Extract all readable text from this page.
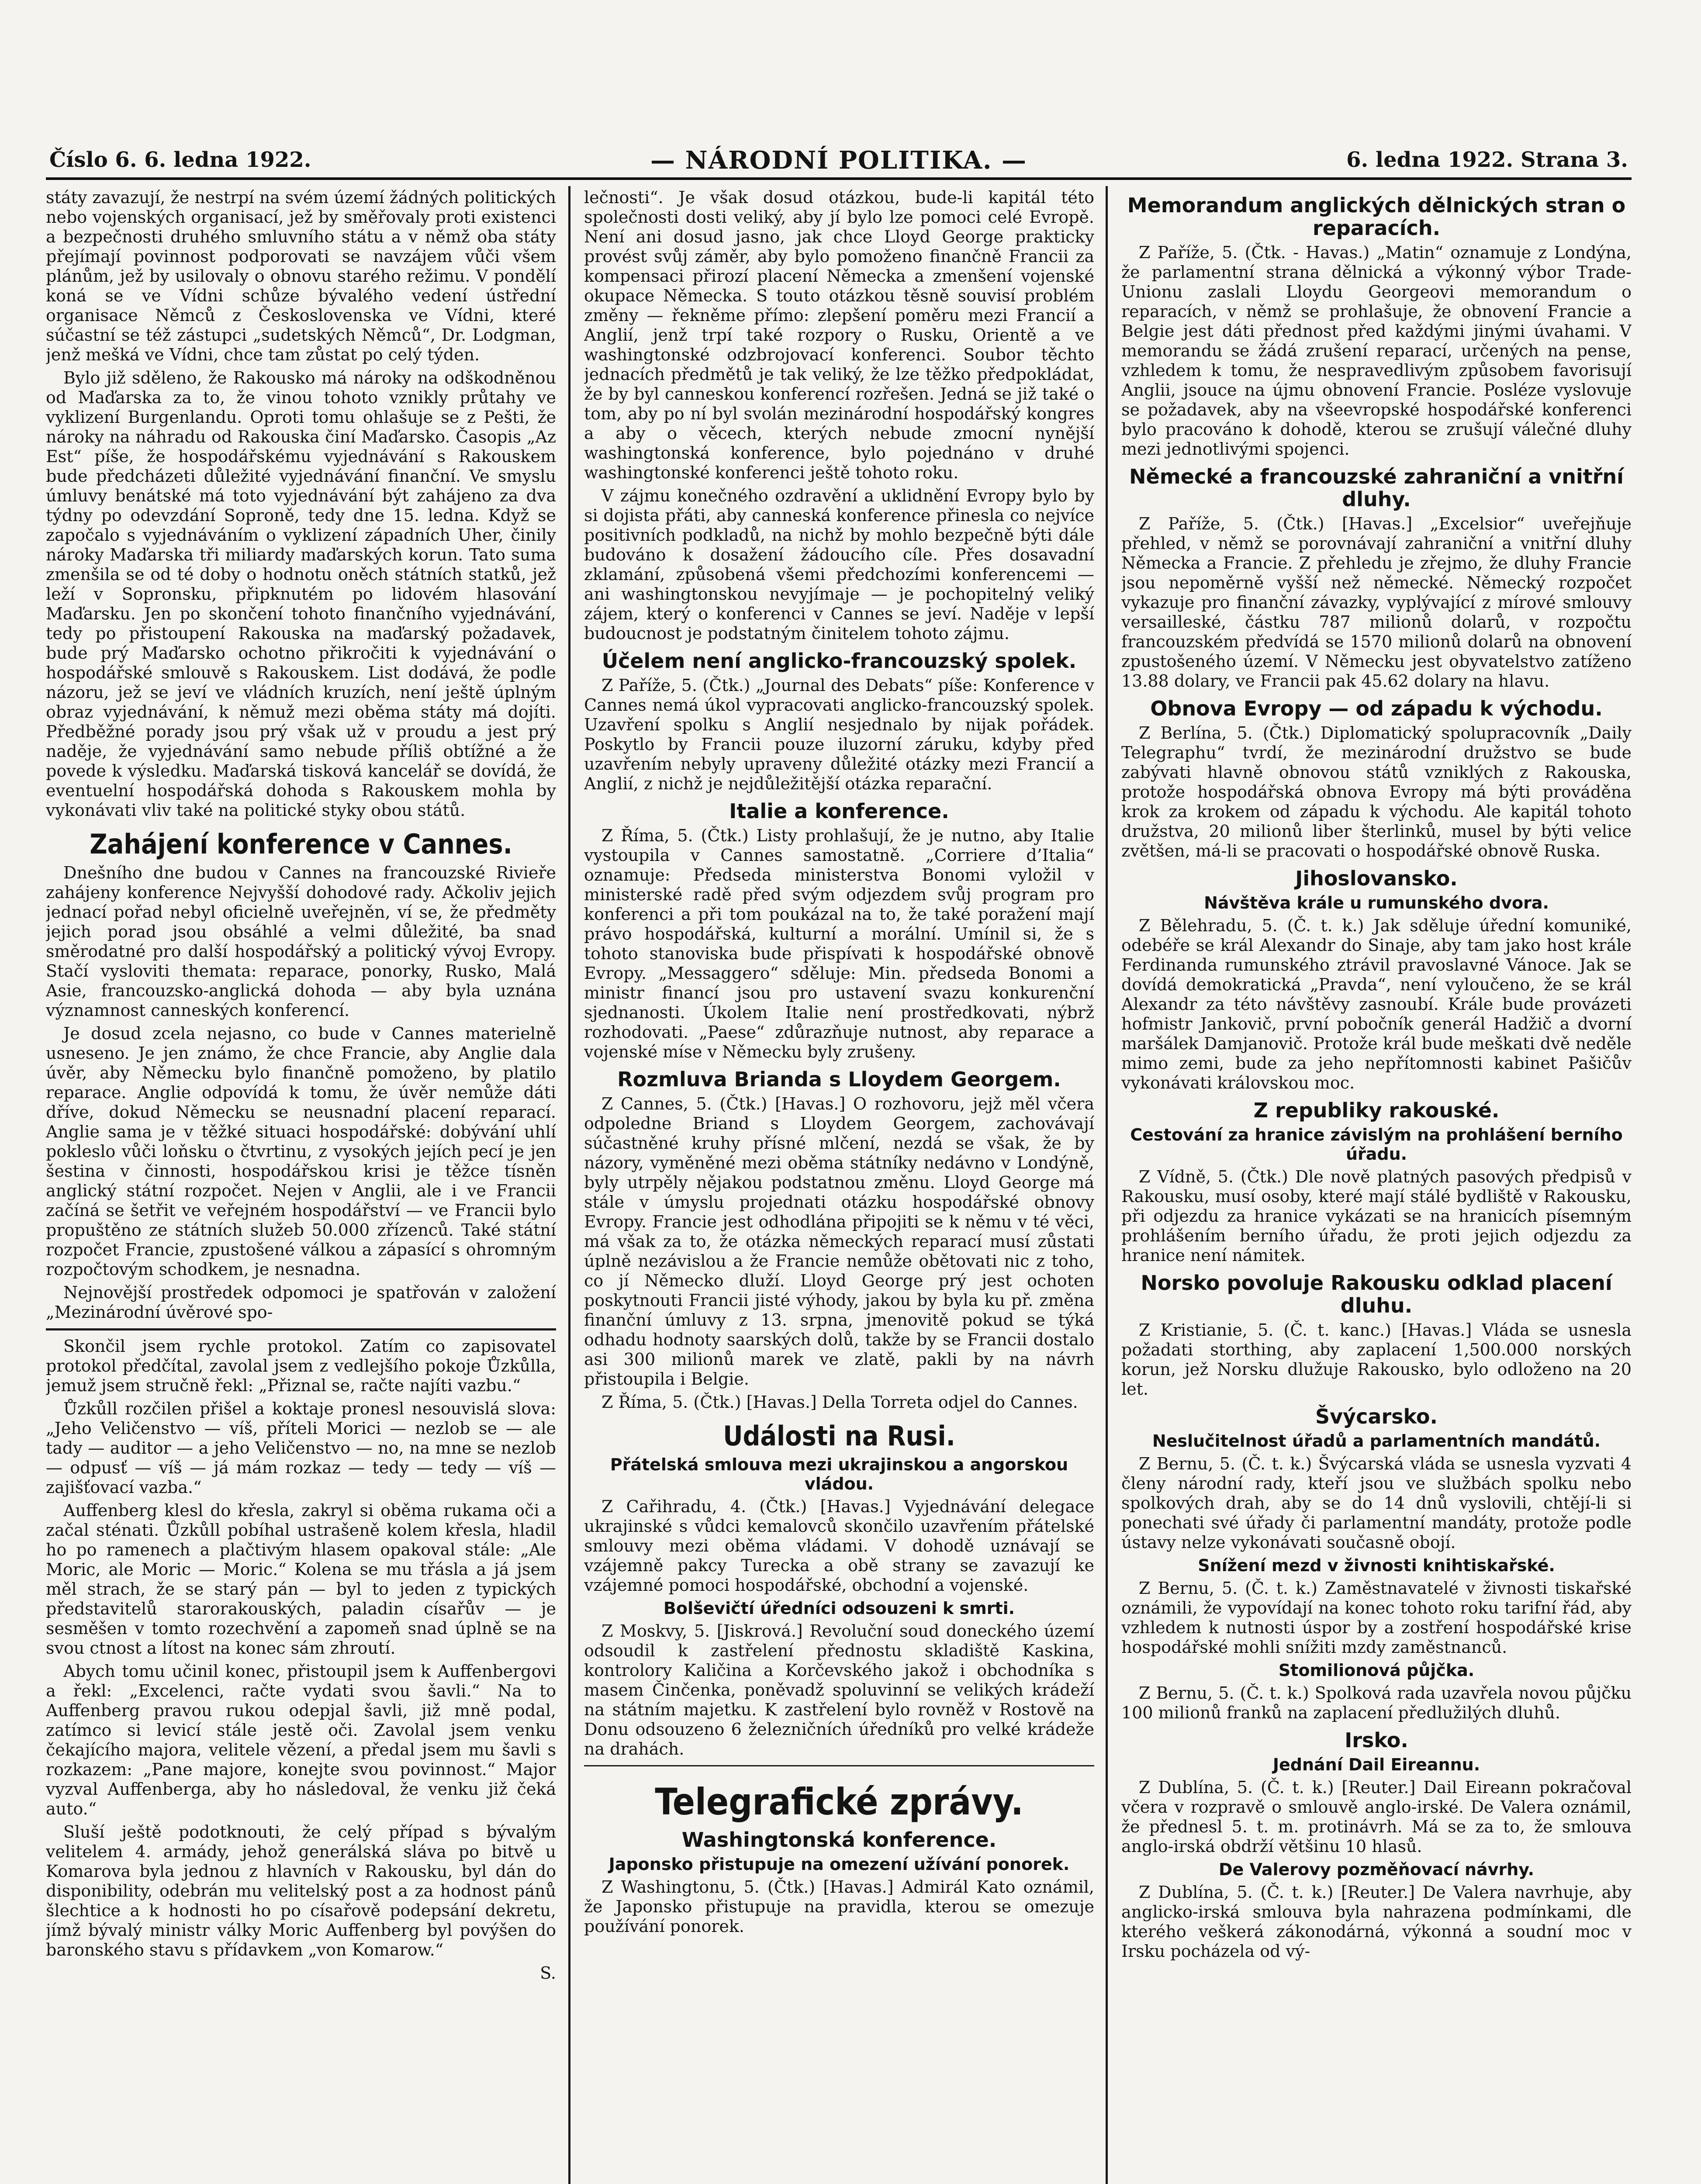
Číslo 6. 6. ledna 1922.	— NÁRODNÍ POLITIKA. —	6. ledna 1922. Strana 3.

státy zavazují, že nestrpí na svém území žádných politických nebo vojenských organisací, jež by směřovaly proti existenci a bezpečnosti druhého smluvního státu a v němž oba státy přejímají povinnost podporovati se navzájem vůči všem plánům, jež by usilovaly o obnovu starého režimu. V pondělí koná se ve Vídni schůze bývalého vedení ústřední organisace Němců z Československa ve Vídni, které súčastní se též zástupci „sudetských Němců“, Dr. Lodgman, jenž mešká ve Vídni, chce tam zůstat po celý týden.

Bylo již sděleno, že Rakousko má nároky na odškodněnou od Maďarska za to, že vinou tohoto vznikly průtahy ve vyklizení Burgenlandu. Oproti tomu ohlašuje se z Pešti, že nároky na náhradu od Rakouska činí Maďarsko. Časopis „Az Est“ píše, že hospodářskému vyjednávání s Rakouskem bude předcházeti důležité vyjednávání finanční. Ve smyslu úmluvy benátské má toto vyjednávání být zahájeno za dva týdny po odevzdání Soproně, tedy dne 15. ledna. Když se započalo s vyjednáváním o vyklizení západních Uher, činily nároky Maďarska tři miliardy maďarských korun. Tato suma zmenšila se od té doby o hodnotu oněch státních statků, jež leží v Sopronsku, připknutém po lidovém hlasování Maďarsku. Jen po skončení tohoto finančního vyjednávání, tedy po přistoupení Rakouska na maďarský požadavek, bude prý Maďarsko ochotno přikročiti k vyjednávání o hospodářské smlouvě s Rakouskem. List dodává, že podle názoru, jež se jeví ve vládních kruzích, není ještě úplným obraz vyjednávání, k němuž mezi oběma státy má dojíti. Předběžné porady jsou prý však už v proudu a jest prý naděje, že vyjednávání samo nebude příliš obtížné a že povede k výsledku. Maďarská tisková kancelář se dovídá, že eventuelní hospodářská dohoda s Rakouskem mohla by vykonávati vliv také na politické styky obou států.

Zahájení konference v Cannes.

Dnešního dne budou v Cannes na francouzské Rivieře zahájeny konference Nejvyšší dohodové rady. Ačkoliv jejich jednací pořad nebyl oficielně uveřejněn, ví se, že předměty jejich porad jsou obsáhlé a velmi důležité, ba snad směrodatné pro další hospodářský a politický vývoj Evropy. Stačí vysloviti themata: reparace, ponorky, Rusko, Malá Asie, francouzsko-anglická dohoda — aby byla uznána významnost canneských konferencí.

Je dosud zcela nejasno, co bude v Cannes materielně usneseno. Je jen známo, že chce Francie, aby Anglie dala úvěr, aby Německu bylo finančně pomoženo, by platilo reparace. Anglie odpovídá k tomu, že úvěr nemůže dáti dříve, dokud Německu se neusnadní placení reparací. Anglie sama je v těžké situaci hospodářské: dobývání uhlí pokleslo vůči loňsku o čtvrtinu, z vysokých jejích pecí je jen šestina v činnosti, hospodářskou krisi je těžce tísněn anglický státní rozpočet. Nejen v Anglii, ale i ve Francii začíná se šetřit ve veřejném hospodářství — ve Francii bylo propuštěno ze státních služeb 50.000 zřízenců. Také státní rozpočet Francie, zpustošené válkou a zápasící s ohromným rozpočtovým schodkem, je nesnadna.

Nejnovější prostředek odpomoci je spatřován v založení „Mezinárodní úvěrové spo-

Skončil jsem rychle protokol. Zatím co zapisovatel protokol předčítal, zavolal jsem z vedlejšího pokoje Ůzkůlla, jemuž jsem stručně řekl: „Přiznal se, račte najíti vazbu.“

Ůzkůll rozčilen přišel a koktaje pronesl nesouvislá slova: „Jeho Veličenstvo — víš, příteli Morici — nezlob se — ale tady — auditor — a jeho Veličenstvo — no, na mne se nezlob — odpusť — víš — já mám rozkaz — tedy — tedy — víš — zajišťovací vazba.“

Auffenberg klesl do křesla, zakryl si oběma rukama oči a začal sténati. Ůzkůll pobíhal ustrašeně kolem křesla, hladil ho po ramenech a plačtivým hlasem opakoval stále: „Ale Moric, ale Moric — Moric.“ Kolena se mu třásla a já jsem měl strach, že se starý pán — byl to jeden z typických představitelů starorakouských, paladin císařův — je sesměšen v tomto rozechvění a zapomeň snad úplně se na svou ctnost a lítost na konec sám zhroutí.

Abych tomu učinil konec, přistoupil jsem k Auffenbergovi a řekl: „Excelenci, račte vydati svou šavli.“ Na to Auffenberg pravou rukou odepjal šavli, již mně podal, zatímco si levicí stále jestě oči. Zavolal jsem venku čekajícího majora, velitele vězení, a předal jsem mu šavli s rozkazem: „Pane majore, konejte svou povinnost.“ Major vyzval Auffenberga, aby ho následoval, že venku již čeká auto.“

Sluší ještě podotknouti, že celý případ s bývalým velitelem 4. armády, jehož generálská sláva po bitvě u Komarova byla jednou z hlavních v Rakousku, byl dán do disponibility, odebrán mu velitelský post a za hodnost pánů šlechtice a k hodnosti ho po císařově podepsání dekretu, jímž bývalý ministr války Moric Auffenberg byl povýšen do baronského stavu s přídavkem „von Komarow.“

S.

lečnosti“. Je však dosud otázkou, bude-li kapitál této společnosti dosti veliký, aby jí bylo lze pomoci celé Evropě. Není ani dosud jasno, jak chce Lloyd George prakticky provést svůj záměr, aby bylo pomoženo finančně Francii za kompensaci přirozí placení Německa a zmenšení vojenské okupace Německa. S touto otázkou těsně souvisí problém změny — řekněme přímo: zlepšení poměru mezi Francií a Anglií, jenž trpí také rozpory o Rusku, Orientě a ve washingtonské odzbrojovací konferenci. Soubor těchto jednacích předmětů je tak veliký, že lze těžko předpokládat, že by byl canneskou konferencí rozřešen. Jedná se již také o tom, aby po ní byl svolán mezinárodní hospodářský kongres a aby o věcech, kterých nebude zmocní nynější washingtonská konference, bylo pojednáno v druhé washingtonské konferenci ještě tohoto roku.

V zájmu konečného ozdravění a uklidnění Evropy bylo by si dojista přáti, aby canneská konference přinesla co nejvíce positivních podkladů, na nichž by mohlo bezpečně býti dále budováno k dosažení žádoucího cíle. Přes dosavadní zklamání, způsobená všemi předchozími konferencemi — ani washingtonskou nevyjímaje — je pochopitelný veliký zájem, který o konferenci v Cannes se jeví. Naděje v lepší budoucnost je podstatným činitelem tohoto zájmu.

Účelem není anglicko-francouzský spolek.

Z Paříže, 5. (Čtk.) „Journal des Debats“ píše: Konference v Cannes nemá úkol vypracovati anglicko-francouzský spolek. Uzavření spolku s Anglií nesjednalo by nijak pořádek. Poskytlo by Francii pouze iluzorní záruku, kdyby před uzavřením nebyly upraveny důležité otázky mezi Francií a Anglií, z nichž je nejdůležitější otázka reparační.

Italie a konference.

Z Říma, 5. (Čtk.) Listy prohlašují, že je nutno, aby Italie vystoupila v Cannes samostatně. „Corriere d’Italia“ oznamuje: Předseda ministerstva Bonomi vyložil v ministerské radě před svým odjezdem svůj program pro konferenci a při tom poukázal na to, že také poražení mají právo hospodářská, kulturní a morální. Umínil si, že s tohoto stanoviska bude přispívati k hospodářské obnově Evropy. „Messaggero“ sděluje: Min. předseda Bonomi a ministr financí jsou pro ustavení svazu konkurenční sjednanosti. Úkolem Italie není prostředkovati, nýbrž rozhodovati. „Paese“ zdůrazňuje nutnost, aby reparace a vojenské míse v Německu byly zrušeny.

Rozmluva Brianda s Lloydem Georgem.

Z Cannes, 5. (Čtk.) [Havas.] O rozhovoru, jejž měl včera odpoledne Briand s Lloydem Georgem, zachovávají súčastněné kruhy přísné mlčení, nezdá se však, že by názory, vyměněné mezi oběma státníky nedávno v Londýně, byly utrpěly nějakou podstatnou změnu. Lloyd George má stále v úmyslu projednati otázku hospodářské obnovy Evropy. Francie jest odhodlána připojiti se k němu v té věci, má však za to, že otázka německých reparací musí zůstati úplně nezávislou a že Francie nemůže obětovati nic z toho, co jí Německo dluží. Lloyd George prý jest ochoten poskytnouti Francii jisté výhody, jakou by byla ku př. změna finanční úmluvy z 13. srpna, jmenovitě pokud se týká odhadu hodnoty saarských dolů, takže by se Francii dostalo asi 300 milionů marek ve zlatě, pakli by na návrh přistoupila i Belgie.

Z Říma, 5. (Čtk.) [Havas.] Della Torreta odjel do Cannes.

Události na Rusi.
Přátelská smlouva mezi ukrajinskou a angorskou vládou.

Z Cařihradu, 4. (Čtk.) [Havas.] Vyjednávání delegace ukrajinské s vůdci kemalovců skončilo uzavřením přátelské smlouvy mezi oběma vládami. V dohodě uznávají se vzájemně pakcy Turecka a obě strany se zavazují ke vzájemné pomoci hospodářské, obchodní a vojenské.

Bolševičtí úředníci odsouzeni k smrti.

Z Moskvy, 5. [Jiskrová.] Revoluční soud doneckého území odsoudil k zastřelení přednostu skladiště Kaskina, kontrolory Kaličina a Korčevského jakož i obchodníka s masem Činčenka, poněvadž spoluvinní se velikých krádeží na státním majetku. K zastřelení bylo rovněž v Rostově na Donu odsouzeno 6 železničních úředníků pro velké krádeže na drahách.

Telegrafické zprávy.
Washingtonská konference.
Japonsko přistupuje na omezení užívání ponorek.

Z Washingtonu, 5. (Čtk.) [Havas.] Admirál Kato oznámil, že Japonsko přistupuje na pravidla, kterou se omezuje používání ponorek.

Memorandum anglických dělnických stran o reparacích.

Z Paříže, 5. (Čtk. - Havas.) „Matin“ oznamuje z Londýna, že parlamentní strana dělnická a výkonný výbor Trade-Unionu zaslali Lloydu Georgeovi memorandum o reparacích, v němž se prohlašuje, že obnovení Francie a Belgie jest dáti přednost před každými jinými úvahami. V memorandu se žádá zrušení reparací, určených na pense, vzhledem k tomu, že nespravedlivým způsobem favorisují Anglii, jsouce na újmu obnovení Francie. Posléze vyslovuje se požadavek, aby na všeevropské hospodářské konferenci bylo pracováno k dohodě, kterou se zrušují válečné dluhy mezi jednotlivými spojenci.

Německé a francouzské zahraniční a vnitřní dluhy.

Z Paříže, 5. (Čtk.) [Havas.] „Excelsior“ uveřejňuje přehled, v němž se porovnávají zahraniční a vnitřní dluhy Německa a Francie. Z přehledu je zřejmo, že dluhy Francie jsou nepoměrně vyšší než německé. Německý rozpočet vykazuje pro finanční závazky, vyplývající z mírové smlouvy versailleské, částku 787 milionů dolarů, v rozpočtu francouzském předvídá se 1570 milionů dolarů na obnovení zpustošeného území. V Německu jest obyvatelstvo zatíženo 13.88 dolary, ve Francii pak 45.62 dolary na hlavu.

Obnova Evropy — od západu k východu.

Z Berlína, 5. (Čtk.) Diplomatický spolupracovník „Daily Telegraphu“ tvrdí, že mezinárodní družstvo se bude zabývati hlavně obnovou států vzniklých z Rakouska, protože hospodářská obnova Evropy má býti prováděna krok za krokem od západu k východu. Ale kapitál tohoto družstva, 20 milionů liber šterlinků, musel by býti velice zvětšen, má-li se pracovati o hospodářské obnově Ruska.

Jihoslovansko.
Návštěva krále u rumunského dvora.

Z Bělehradu, 5. (Č. t. k.) Jak sděluje úřední komuniké, odebéře se král Alexandr do Sinaje, aby tam jako host krále Ferdinanda rumunského ztrávil pravoslavné Vánoce. Jak se dovídá demokratická „Pravda“, není vyloučeno, že se král Alexandr za této návštěvy zasnoubí. Krále bude provázeti hofmistr Jankovič, první pobočník generál Hadžič a dvorní maršálek Damjanovič. Protože král bude meškati dvě neděle mimo zemi, bude za jeho nepřítomnosti kabinet Pašičův vykonávati královskou moc.

Z republiky rakouské.
Cestování za hranice závislým na prohlášení berního úřadu.

Z Vídně, 5. (Čtk.) Dle nově platných pasových předpisů v Rakousku, musí osoby, které mají stálé bydliště v Rakousku, při odjezdu za hranice vykázati se na hranicích písemným prohlášením berního úřadu, že proti jejich odjezdu za hranice není námitek.

Norsko povoluje Rakousku odklad placení dluhu.

Z Kristianie, 5. (Č. t. kanc.) [Havas.] Vláda se usnesla požadati storthing, aby zaplacení 1,500.000 norských korun, jež Norsku dlužuje Rakousko, bylo odloženo na 20 let.

Švýcarsko.
Neslučitelnost úřadů a parlamentních mandátů.

Z Bernu, 5. (Č. t. k.) Švýcarská vláda se usnesla vyzvati 4 členy národní rady, kteří jsou ve službách spolku nebo spolkových drah, aby se do 14 dnů vyslovili, chtějí-li si ponechati své úřady či parlamentní mandáty, protože podle ústavy nelze vykonávati současně obojí.

Snížení mezd v živnosti knihtiskařské.

Z Bernu, 5. (Č. t. k.) Zaměstnavatelé v živnosti tiskařské oznámili, že vypovídají na konec tohoto roku tarifní řád, aby vzhledem k nutnosti úspor by a zostření hospodářské krise hospodářské mohli snížiti mzdy zaměstnanců.

Stomilionová půjčka.

Z Bernu, 5. (Č. t. k.) Spolková rada uzavřela novou půjčku 100 milionů franků na zaplacení předlužilých dluhů.

Irsko.
Jednání Dail Eireannu.

Z Dublína, 5. (Č. t. k.) [Reuter.] Dail Eireann pokračoval včera v rozpravě o smlouvě anglo-irské. De Valera oznámil, že přednesl 5. t. m. protinávrh. Má se za to, že smlouva anglo-irská obdrží většinu 10 hlasů.

De Valerovy pozměňovací návrhy.

Z Dublína, 5. (Č. t. k.) [Reuter.] De Valera navrhuje, aby anglicko-irská smlouva byla nahrazena podmínkami, dle kterého veškerá zákonodárná, výkonná a soudní moc v Irsku pocházela od vý-
